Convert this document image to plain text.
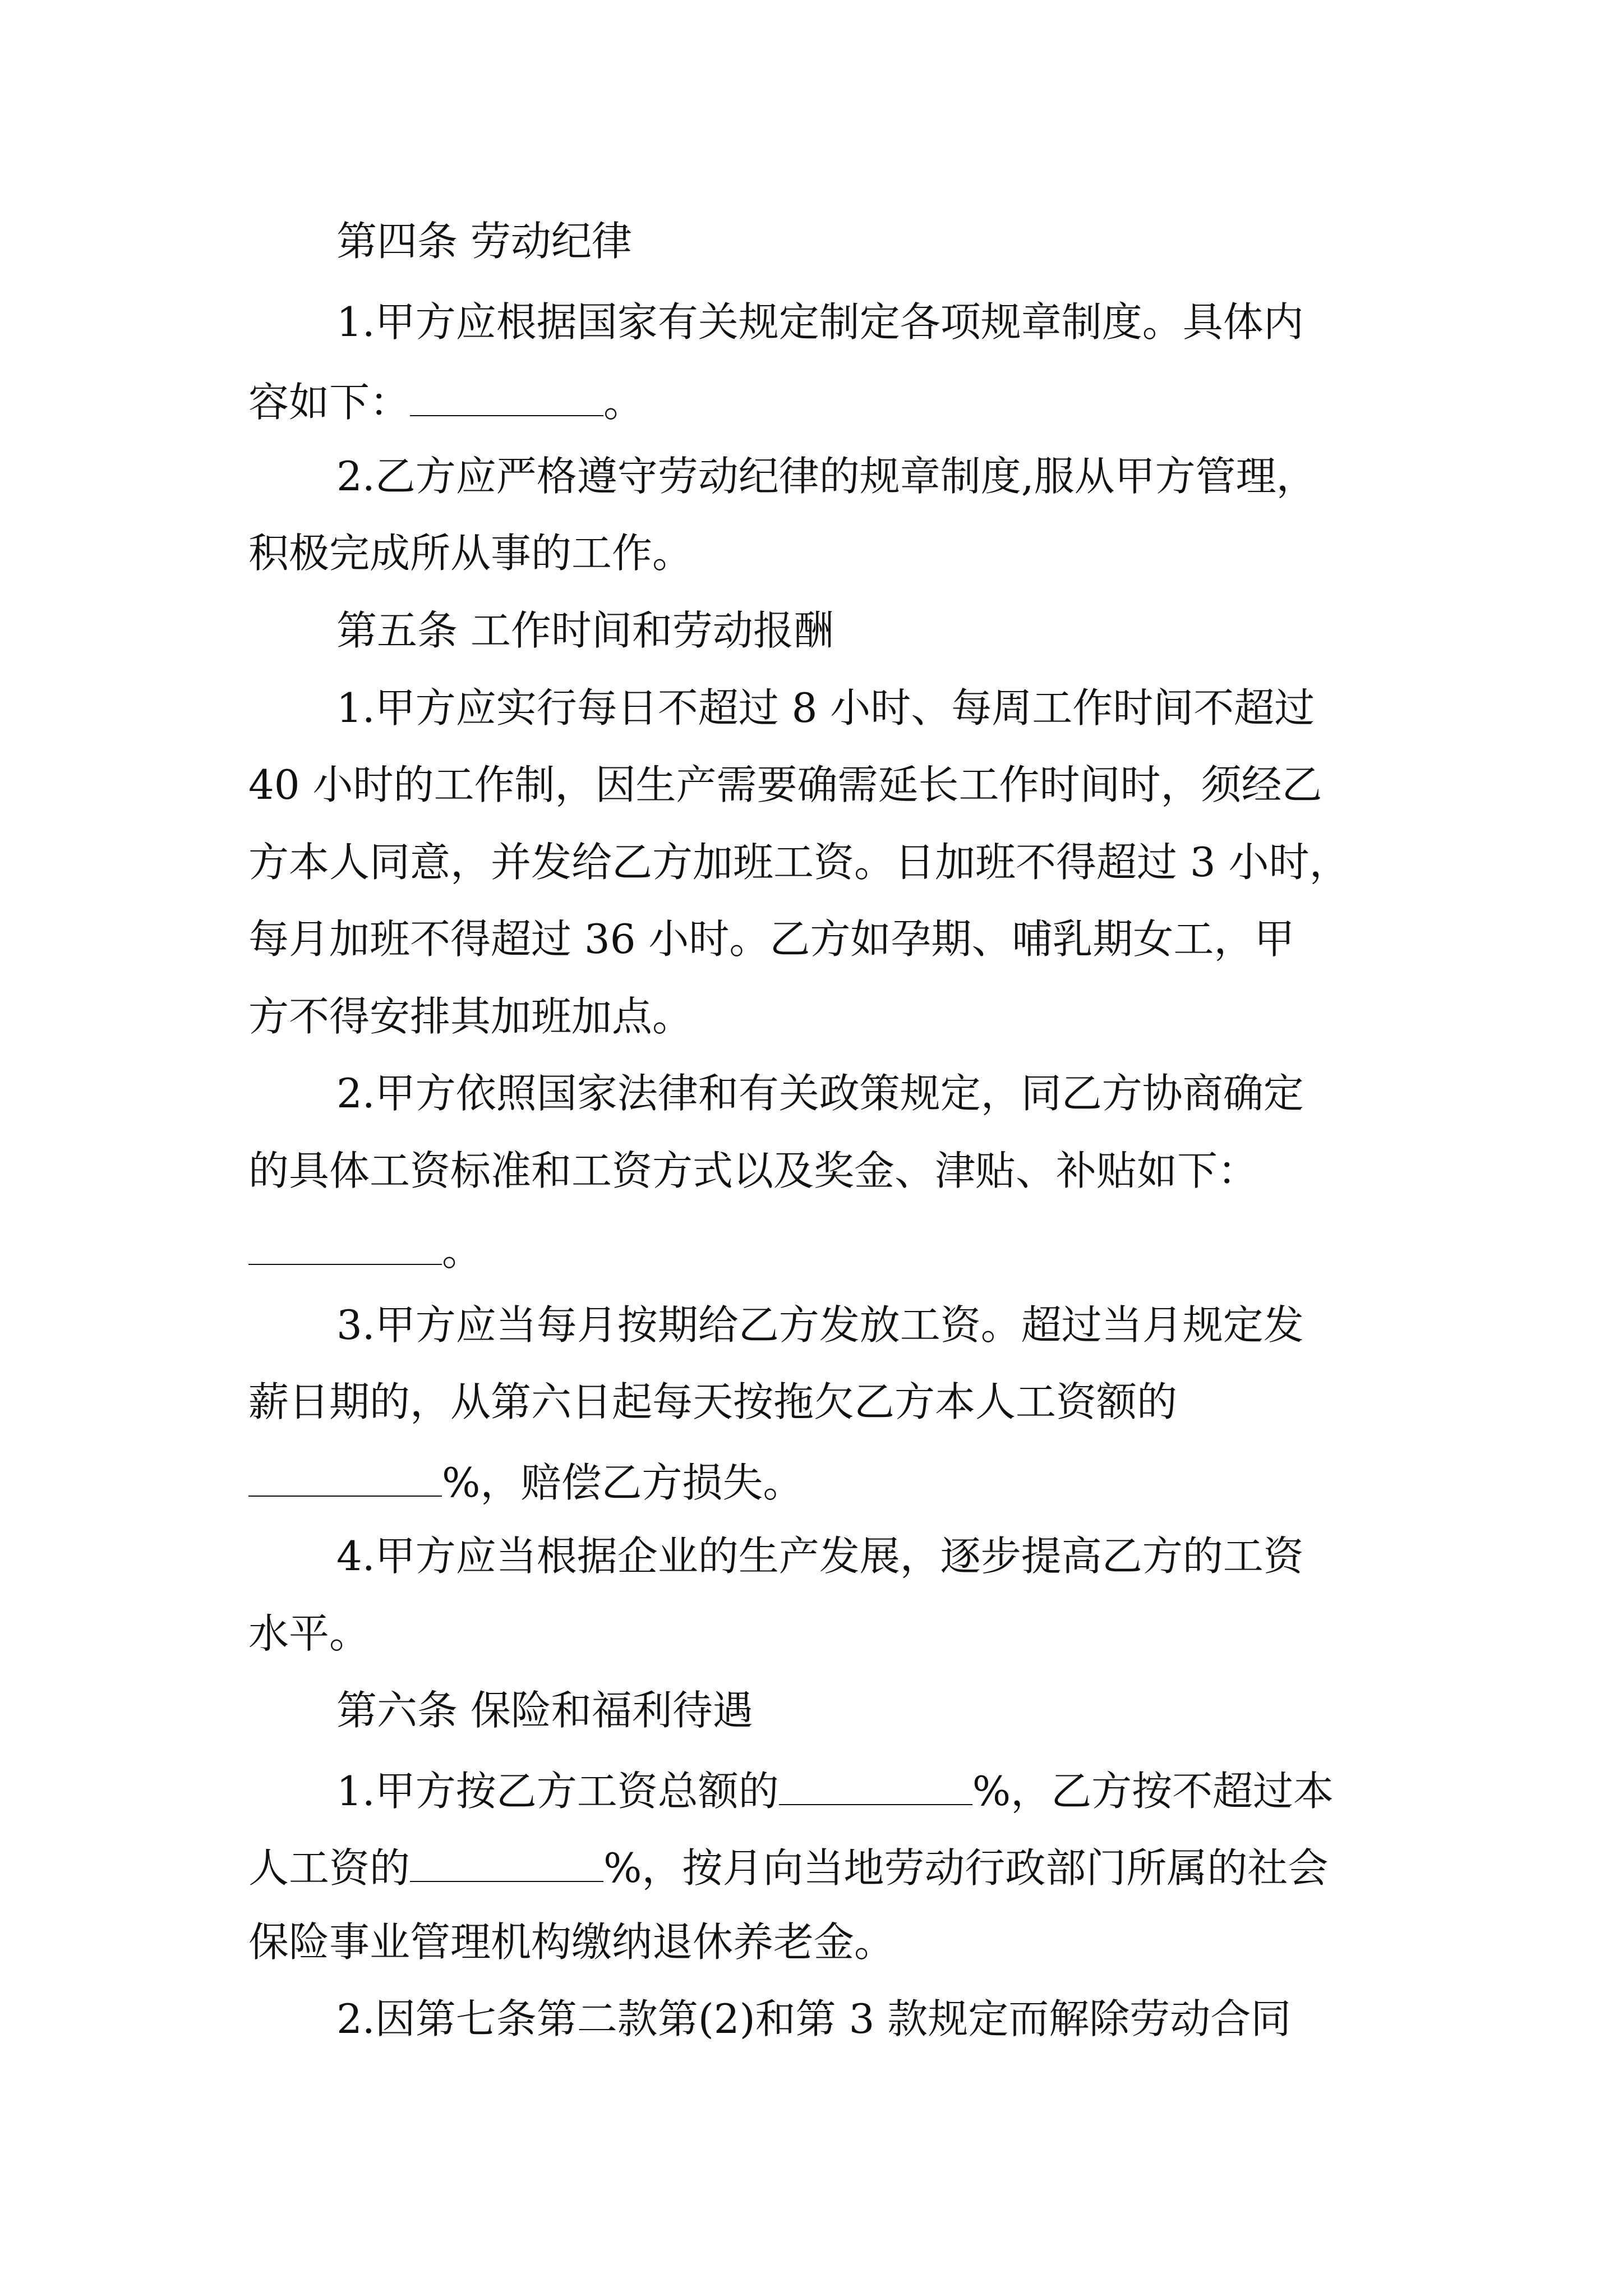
第四条 劳动纪律
1.甲方应根据国家有关规定制定各项规章制度。具体内
容如下：	。
2.乙方应严格遵守劳动纪律的规章制度,服从甲方管理，
积极完成所从事的工作。
第五条 工作时间和劳动报酬
1.甲方应实行每日不超过 8 小时、每周工作时间不超过
40 小时的工作制，因生产需要确需延长工作时间时，须经乙
方本人同意，并发给乙方加班工资。日加班不得超过 3 小时，
每月加班不得超过 36 小时。乙方如孕期、哺乳期女工，甲
方不得安排其加班加点。
2.甲方依照国家法律和有关政策规定，同乙方协商确定
的具体工资标准和工资方式以及奖金、津贴、补贴如下：
。
3.甲方应当每月按期给乙方发放工资。超过当月规定发
薪日期的，从第六日起每天按拖欠乙方本人工资额的
%，赔偿乙方损失。
4.甲方应当根据企业的生产发展，逐步提高乙方的工资
水平。
第六条 保险和福利待遇
1.甲方按乙方工资总额的	%，乙方按不超过本
人工资的	%，按月向当地劳动行政部门所属的社会
保险事业管理机构缴纳退休养老金。
2.因第七条第二款第(2)和第 3 款规定而解除劳动合同
